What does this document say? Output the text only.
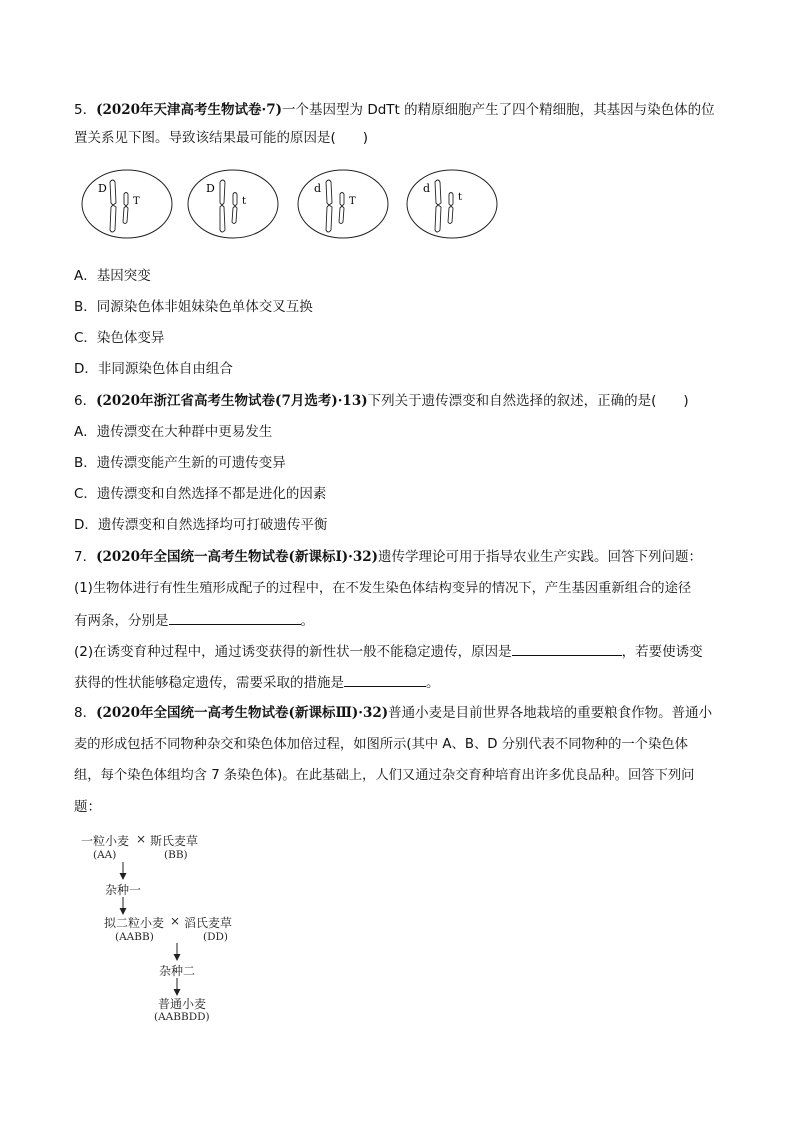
5．(2020年天津高考生物试卷·7)一个基因型为 DdTt 的精原细胞产生了四个精细胞，其基因与染色体的位
置关系见下图。导致该结果最可能的原因是(　　)
D
T
D
t
d
T
d
t
A．基因突变
B．同源染色体非姐妹染色单体交叉互换
C．染色体变异
D．非同源染色体自由组合
6．(2020年浙江省高考生物试卷(7月选考)·13)下列关于遗传漂变和自然选择的叙述，正确的是(　　)
A．遗传漂变在大种群中更易发生
B．遗传漂变能产生新的可遗传变异
C．遗传漂变和自然选择不都是进化的因素
D．遗传漂变和自然选择均可打破遗传平衡
7．(2020年全国统一高考生物试卷(新课标Ⅰ)·32)遗传学理论可用于指导农业生产实践。回答下列问题：
(1)生物体进行有性生殖形成配子的过程中，在不发生染色体结构变异的情况下，产生基因重新组合的途径
有两条，分别是	。
(2)在诱变育种过程中，通过诱变获得的新性状一般不能稳定遗传，原因是	，若要使诱变
获得的性状能够稳定遗传，需要采取的措施是	。
8．(2020年全国统一高考生物试卷(新课标Ⅲ)·32)普通小麦是目前世界各地栽培的重要粮食作物。普通小
麦的形成包括不同物种杂交和染色体加倍过程，如图所示(其中 A、B、D 分别代表不同物种的一个染色体
组，每个染色体组均含 7 条染色体)。在此基础上，人们又通过杂交育种培育出许多优良品种。回答下列问
题：
一粒小麦 × 斯氏麦草
(AA)	(BB)
杂种一
拟二粒小麦 × 滔氏麦草
(AABB)	(DD)
杂种二
普通小麦
(AABBDD)
